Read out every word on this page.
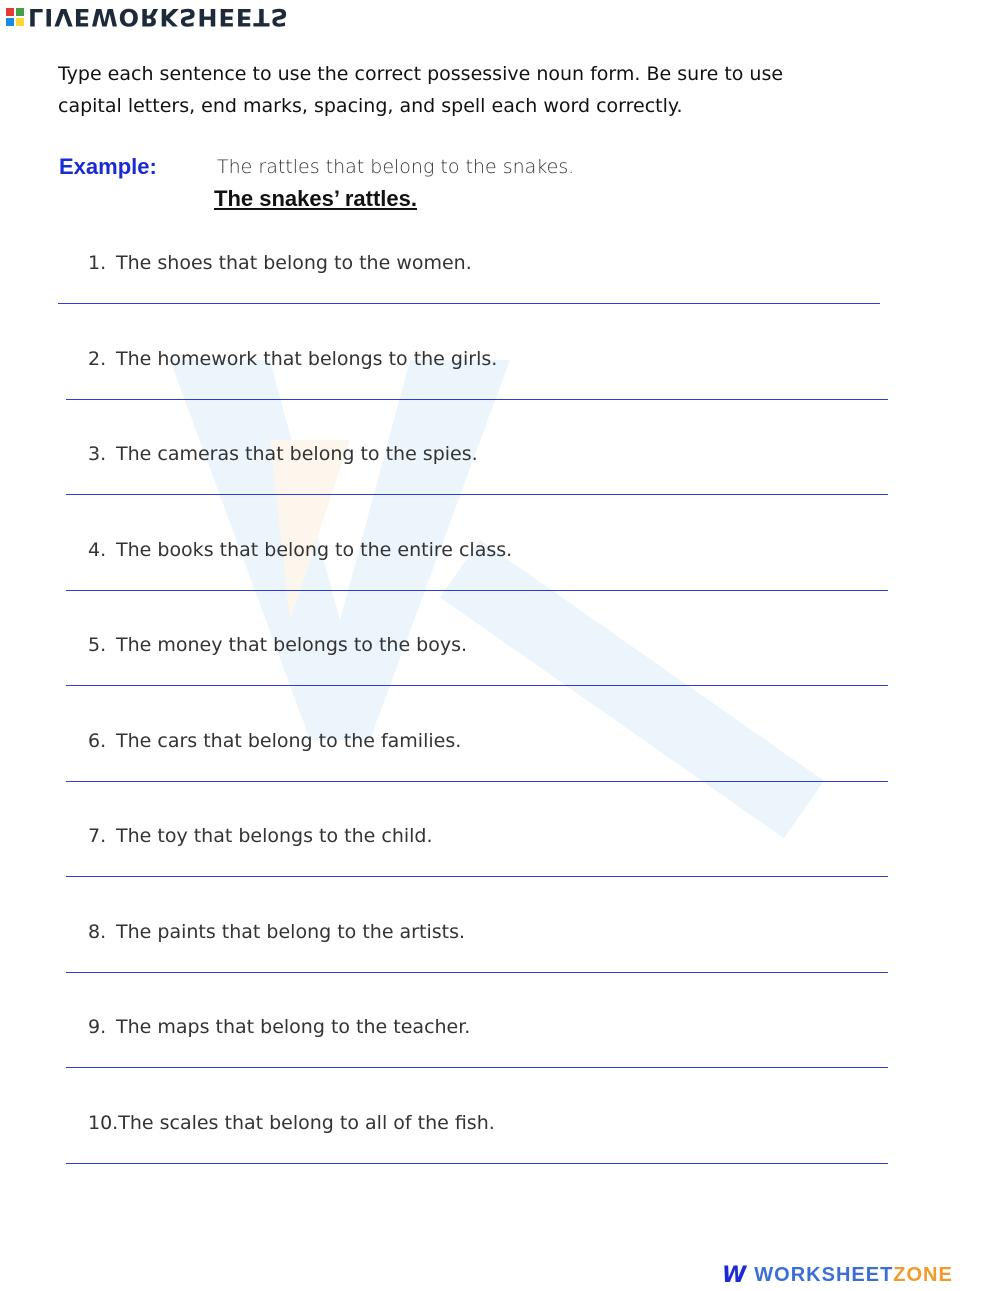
LIVEWORKSHEETS
Type each sentence to use the correct possessive noun form. Be sure to use
capital letters, end marks, spacing, and spell each word correctly.
Example:	The rattles that belong to the snakes.
The snakes’ rattles.
1. The shoes that belong to the women.
2. The homework that belongs to the girls.
3. The cameras that belong to the spies.
4. The books that belong to the entire class.
5. The money that belongs to the boys.
6. The cars that belong to the families.
7. The toy that belongs to the child.
8. The paints that belong to the artists.
9. The maps that belong to the teacher.
10.The scales that belong to all of the fish.
W WORKSHEETZONE
